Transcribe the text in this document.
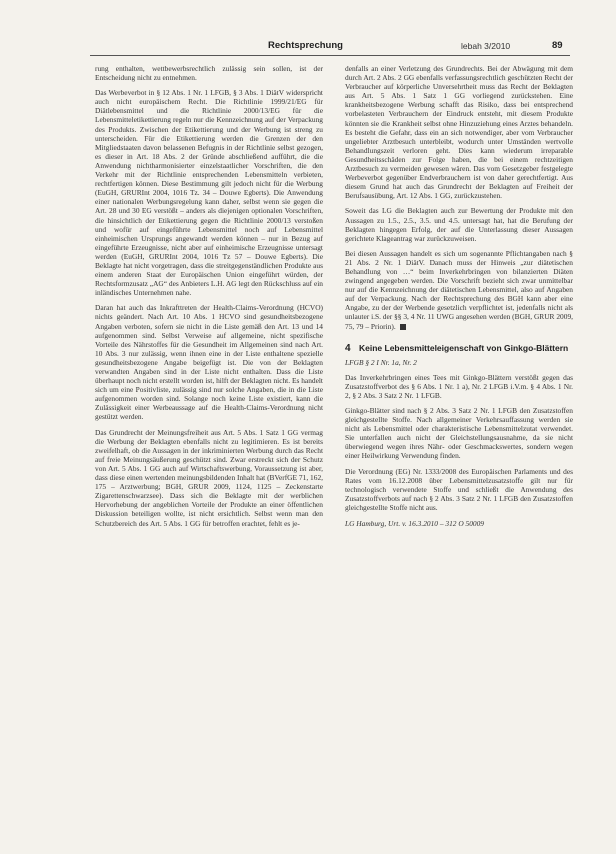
Rechtsprechung	lebah 3/2010	89

rung enthalten, wettbewerbsrechtlich zulässig sein sollen, ist der Entscheidung nicht zu entnehmen.

Das Werbeverbot in § 12 Abs. 1 Nr. 1 LFGB, § 3 Abs. 1 DiätV widerspricht auch nicht europäischem Recht. Die Richtlinie 1999/21/EG für Diätlebensmittel und die Richtlinie 2000/13/EG für die Lebensmitteletikettierung regeln nur die Kennzeichnung auf der Verpackung des Produkts. Zwischen der Etikettierung und der Werbung ist streng zu unterscheiden. Für die Etikettierung werden die Grenzen der den Mitgliedstaaten davon belassenen Befugnis in der Richtlinie selbst gezogen, es dieser in Art. 18 Abs. 2 der Gründe abschließend aufführt, die die Anwendung nichtharmonisierter einzelstaatlicher Vorschriften, die den Verkehr mit der Richtlinie entsprechenden Lebensmitteln verbieten, rechtfertigen können. Diese Bestimmung gilt jedoch nicht für die Werbung (EuGH, GRURInt 2004, 1016 Tz. 34 – Douwe Egberts). Die Anwendung einer nationalen Werbungsregelung kann daher, selbst wenn sie gegen die Art. 28 und 30 EG verstößt – anders als diejenigen optionalen Vorschriften, die hinsichtlich der Etikettierung gegen die Richtlinie 2000/13 verstoßen und wofür auf eingeführte Lebensmittel noch auf Lebensmittel einheimischen Ursprungs angewandt werden können – nur in Bezug auf eingeführte Erzeugnisse, nicht aber auf einheimische Erzeugnisse untersagt werden (EuGH, GRURInt 2004, 1016 Tz 57 – Douwe Egberts). Die Beklagte hat nicht vorgetragen, dass die streitgegenständlichen Produkte aus einem anderen Staat der Europäischen Union eingeführt würden, der Rechtsformzusatz „AG“ des Anbieters L.H. AG legt den Rückschluss auf ein inländisches Unternehmen nahe.

Daran hat auch das Inkrafttreten der Health-Claims-Verordnung (HCVO) nichts geändert. Nach Art. 10 Abs. 1 HCVO sind gesundheitsbezogene Angaben verboten, sofern sie nicht in die Liste gemäß den Art. 13 und 14 aufgenommen sind. Selbst Verweise auf allgemeine, nicht spezifische Vorteile des Nährstoffes für die Gesundheit im Allgemeinen sind nach Art. 10 Abs. 3 nur zulässig, wenn ihnen eine in der Liste enthaltene spezielle gesundheitsbezogene Angabe beigefügt ist. Die von der Beklagten verwandten Angaben sind in der Liste nicht enthalten. Dass die Liste überhaupt noch nicht erstellt worden ist, hilft der Beklagten nicht. Es handelt sich um eine Positivliste, zulässig sind nur solche Angaben, die in die Liste aufgenommen worden sind. Solange noch keine Liste existiert, kann die Zulässigkeit einer Werbeaussage auf die Health-Claims-Verordnung nicht gestützt werden.

Das Grundrecht der Meinungsfreiheit aus Art. 5 Abs. 1 Satz 1 GG vermag die Werbung der Beklagten ebenfalls nicht zu legitimieren. Es ist bereits zweifelhaft, ob die Aussagen in der inkriminierten Werbung durch das Recht auf freie Meinungsäußerung geschützt sind. Zwar erstreckt sich der Schutz von Art. 5 Abs. 1 GG auch auf Wirtschaftswerbung, Voraussetzung ist aber, dass diese einen wertenden meinungsbildenden Inhalt hat (BVerfGE 71, 162, 175 – Arztwerbung; BGH, GRUR 2009, 1124, 1125 – Zeckenstarte Zigarettenschwarzsee). Dass sich die Beklagte mit der werblichen Hervorhebung der angeblichen Vorteile der Produkte an einer öffentlichen Diskussion beteiligen wollte, ist nicht ersichtlich. Selbst wenn man den Schutzbereich des Art. 5 Abs. 1 GG für betroffen erachtet, fehlt es je-

denfalls an einer Verletzung des Grundrechts. Bei der Abwägung mit dem durch Art. 2 Abs. 2 GG ebenfalls verfassungsrechtlich geschützten Recht der Verbraucher auf körperliche Unversehrtheit muss das Recht der Beklagten aus Art. 5 Abs. 1 Satz 1 GG vorliegend zurückstehen. Eine krankheitsbezogene Werbung schafft das Risiko, dass bei entsprechend vorbelasteten Verbrauchern der Eindruck entsteht, mit diesem Produkte könnten sie die Krankheit selbst ohne Hinzuziehung eines Arztes behandeln. Es besteht die Gefahr, dass ein an sich notwendiger, aber vom Verbraucher ungeliebter Arztbesuch unterbleibt, wodurch unter Umständen wertvolle Behandlungszeit verloren geht. Dies kann wiederum irreparable Gesundheitsschäden zur Folge haben, die bei einem rechtzeitigen Arztbesuch zu vermeiden gewesen wären. Das vom Gesetzgeber festgelegte Werbeverbot gegenüber Endverbrauchern ist von daher gerechtfertigt. Aus diesem Grund hat auch das Grundrecht der Beklagten auf Freiheit der Berufsausübung, Art. 12 Abs. 1 GG, zurückzustehen.

Soweit das LG die Beklagten auch zur Bewertung der Produkte mit den Aussagen zu 1.5., 2.5., 3.5. und 4.5. untersagt hat, hat die Berufung der Beklagten hingegen Erfolg, der auf die Unterlassung dieser Aussagen gerichtete Klageantrag war zurückzuweisen.

Bei diesen Aussagen handelt es sich um sogenannte Pflichtangaben nach § 21 Abs. 2 Nr. 1 DiätV. Danach muss der Hinweis „zur diätetischen Behandlung von …“ beim Inverkehrbringen von bilanzierten Diäten zwingend angegeben werden. Die Vorschrift bezieht sich zwar unmittelbar nur auf die Kennzeichnung der diätetischen Lebensmittel, also auf Angaben auf der Verpackung. Nach der Rechtsprechung des BGH kann aber eine Angabe, zu der der Werbende gesetzlich verpflichtet ist, jedenfalls nicht als unlauter i.S. der §§ 3, 4 Nr. 11 UWG angesehen werden (BGH, GRUR 2009, 75, 79 – Priorin).

4 Keine Lebensmitteleigenschaft von Ginkgo-Blättern

LFGB § 2 I Nr. 1a, Nr. 2

Das Inverkehrbringen eines Tees mit Ginkgo-Blättern verstößt gegen das Zusatzstoffverbot des § 6 Abs. 1 Nr. 1 a), Nr. 2 LFGB i.V.m. § 4 Abs. 1 Nr. 2, § 2 Abs. 3 Satz 2 Nr. 1 LFGB.

Ginkgo-Blätter sind nach § 2 Abs. 3 Satz 2 Nr. 1 LFGB den Zusatzstoffen gleichgestellte Stoffe. Nach allgemeiner Verkehrsauffassung werden sie nicht als Lebensmittel oder charakteristische Lebensmittelzutat verwendet. Sie unterfallen auch nicht der Gleichstellungsausnahme, da sie nicht überwiegend wegen ihres Nähr- oder Geschmackswertes, sondern wegen einer Heilwirkung Verwendung finden.

Die Verordnung (EG) Nr. 1333/2008 des Europäischen Parlaments und des Rates vom 16.12.2008 über Lebensmittelzusatzstoffe gilt nur für technologisch verwendete Stoffe und schließt die Anwendung des Zusatzstoffverbots auf nach § 2 Abs. 3 Satz 2 Nr. 1 LFGB den Zusatzstoffen gleichgestellte Stoffe nicht aus.

LG Hamburg, Urt. v. 16.3.2010 – 312 O 50009
